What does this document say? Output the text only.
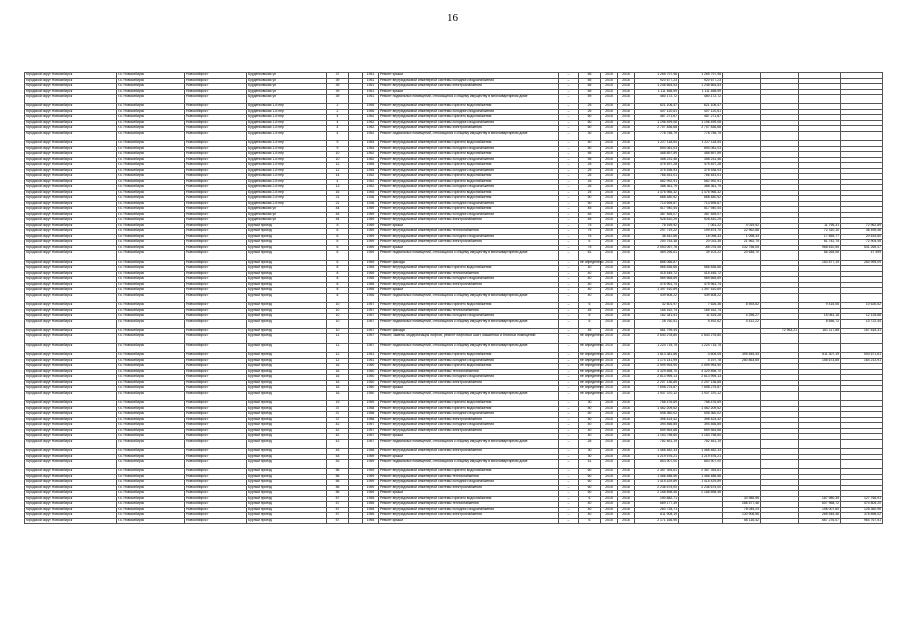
16
городской округ Новосибирск	г.о. Новосибирск	Новосибирск г	Бурденковская ул	37		1951	Ремонт крыши	–	65	2015	2016	1 265 797,98	1 265 797,98				
городской округ Новосибирск	г.о. Новосибирск	Новосибирск г	Бурденковская ул	39		1951	Ремонт внутридомовой инженерной системы холодного водоснабжения	–	65	2015	2016	920 677,23	920 677,23				
городской округ Новосибирск	г.о. Новосибирск	Новосибирск г	Бурденковская ул	39		1951	Ремонт внутридомовой инженерной системы электроснабжения	–	65	2015	2016	1 246 664,53	1 246 664,53				
городской округ Новосибирск	г.о. Новосибирск	Новосибирск г	Бурденковская ул	39		1951	Ремонт крыши	–	65	2015	2016	1 111 468,59	1 111 468,59				
городской округ Новосибирск	г.о. Новосибирск	Новосибирск г	Бурденковская ул	39		1951	Ремонт подвальных помещений, относящихся к общему имуществу в многоквартирном доме	–	59	2015	2016	460 172,72	460 172,72				
городской округ Новосибирск	г.о. Новосибирск	Новосибирск г	Бурденковская 1-й пер	2		1955	Ремонт внутридомовой инженерной системы горячего водоснабжения	–	25	2015	2016	621 106,47	621 106,47				
городской округ Новосибирск	г.о. Новосибирск	Новосибирск г	Бурденковская 1-й пер	2		1955	Ремонт внутридомовой инженерной системы холодного водоснабжения	–	25	2015	2016	407 120,61	407 120,61				
городской округ Новосибирск	г.о. Новосибирск	Новосибирск г	Бурденковская 1-й пер	4		1952	Ремонт внутридомовой инженерной системы горячего водоснабжения	–	60	2015	2016	487 271,67	487 271,67				
городской округ Новосибирск	г.о. Новосибирск	Новосибирск г	Бурденковская 1-й пер	4		1952	Ремонт внутридомовой инженерной системы холодного водоснабжения	–	60	2015	2016	1 196 499,08	1 196 499,08				
городской округ Новосибирск	г.о. Новосибирск	Новосибирск г	Бурденковская 1-й пер	4		1952	Ремонт внутридомовой инженерной системы электроснабжения	–	60	2015	2016	2 707 836,68	2 707 836,68				
городской округ Новосибирск	г.о. Новосибирск	Новосибирск г	Бурденковская 1-й пер	4		1952	Ремонт подвальных помещений, относящихся к общему имуществу в многоквартирном доме	–	30	2015	2016	778 756,79	778 756,79				
городской округ Новосибирск	г.о. Новосибирск	Новосибирск г	Бурденковская 1-й пер	9		1954	Ремонт внутридомовой инженерной системы горячего водоснабжения	–	50	2015	2016	1 227 118,54	1 227 118,54				
городской округ Новосибирск	г.о. Новосибирск	Новосибирск г	Бурденковская 1-й пер	9		1954	Ремонт внутридомовой инженерной системы холодного водоснабжения	–	50	2015	2016	694 081,03	694 081,03				
городской округ Новосибирск	г.о. Новосибирск	Новосибирск г	Бурденковская 1-й пер	10		1952	Ремонт внутридомовой инженерной системы горячего водоснабжения	–	55	2015	2016	468 897,59	468 897,59				
городской округ Новосибирск	г.о. Новосибирск	Новосибирск г	Бурденковская 1-й пер	10		1952	Ремонт внутридомовой инженерной системы холодного водоснабжения	–	55	2015	2016	358 231,46	358 231,46				
городской округ Новосибирск	г.о. Новосибирск	Новосибирск г	Бурденковская 1-й пер	12		1955	Ремонт внутридомовой инженерной системы горячего водоснабжения	–	25	2015	2016	475 497,28	475 497,28				
городской округ Новосибирск	г.о. Новосибирск	Новосибирск г	Бурденковская 1-й пер	12		1955	Ремонт внутридомовой инженерной системы холодного водоснабжения	–	25	2015	2016	375 538,93	375 538,93				
городской округ Новосибирск	г.о. Новосибирск	Новосибирск г	Бурденковская 1-й пер	14		1952	Ремонт внутридомовой инженерной системы горячего водоснабжения	–	25	2015	2016	766 451,01	766 451,01				
городской округ Новосибирск	г.о. Новосибирск	Новосибирск г	Бурденковская 2-й пер	4		1952	Ремонт внутридомовой инженерной системы горячего водоснабжения	–	25	2015	2016	582 992,91	582 992,91				
городской округ Новосибирск	г.о. Новосибирск	Новосибирск г	Бурденковская 2-й пер	13		1952	Ремонт внутридомовой инженерной системы холодного водоснабжения	–	25	2015	2016	388 361,79	388 361,79				
городской округ Новосибирск	г.о. Новосибирск	Новосибирск г	Бурденковская 2-й пер	16		1955	Ремонт внутридомовой инженерной системы горячего водоснабжения	–	25	2015	2016	1 476 966,32	1 476 966,32				
городской округ Новосибирск	г.о. Новосибирск	Новосибирск г	Бурденковская 2-й пер	21		1936	Ремонт внутридомовой инженерной системы горячего водоснабжения	–	50	2015	2016	668 480,52	668 480,52				
городской округ Новосибирск	г.о. Новосибирск	Новосибирск г	Бурденковская 2-й пер	21		1936	Ремонт внутридомовой инженерной системы холодного водоснабжения	–	50	2015	2016	714 695,87	714 695,87				
городской округ Новосибирск	г.о. Новосибирск	Новосибирск г	Бурденковская ул	44		1959	Ремонт внутридомовой инженерной системы горячего водоснабжения	–	45	2015	2016	517 940,44	517 940,44				
городской округ Новосибирск	г.о. Новосибирск	Новосибирск г	Бурденковская ул	44		1959	Ремонт внутридомовой инженерной системы холодного водоснабжения	–	45	2015	2016	387 465,07	387 465,07				
городской округ Новосибирск	г.о. Новосибирск	Новосибирск г	Бурденковская ул	44		1959	Ремонт внутридомовой инженерной системы электроснабжения	–	45	2015	2016	928 810,29	928 810,29				
городской округ Новосибирск	г.о. Новосибирск	Новосибирск г	Бурный проезд	5		1959	Ремонт крыши	–	75	2015	2016	78 169,92	7 061,22	4 019,52		11 795,31	72 962,89
городской округ Новосибирск	г.о. Новосибирск	Новосибирск г	Бурный проезд	6		1959	Ремонт внутридомовой инженерной системы теплоснабжения	–	75	2015	2016	297 719,22	199 874,70	22 962,88		72 310,10	36 495,46
городской округ Новосибирск	г.о. Новосибирск	Новосибирск г	Бурный проезд	6		1959	Ремонт внутридомовой инженерной системы холодного водоснабжения	–	75	2015	2016	38 442,66	16 098,33	1 098,33		17 655,77	20 615,80
городской округ Новосибирск	г.о. Новосибирск	Новосибирск г	Бурный проезд	6		1959	Ремонт внутридомовой инженерной системы электроснабжения	–	6	2015	2016	200 753,38	20 033,35	21 962,75		61 742,75	72 904,45
городской округ Новосибирск	г.о. Новосибирск	Новосибирск г	Бурный проезд	6		1959	Ремонт крыши	–	75	2015	2016	2 053 057,76	-65 076,08	232 756,05		968 610,55	531 265,47
городской округ Новосибирск	г.о. Новосибирск	Новосибирск г	Бурный проезд	6		1959	Ремонт подвальных помещений, относящихся к общему имуществу в многоквартирном доме	–	61	2015	2016	469 296,61	39 103,22	20 648,70		66 265,08	47 499
городской округ Новосибирск	г.о. Новосибирск	Новосибирск г	Бурный проезд	6		1959	Ремонт фасада	–	не определено	2015	2016	866 066,87				183 877,19	264 995,09
городской округ Новосибирск	г.о. Новосибирск	Новосибирск г	Бурный проезд	8		1955	Ремонт внутридомовой инженерной системы горячего водоснабжения	–	40	2015	2016	566 836,66	566 836,66				
городской округ Новосибирск	г.о. Новосибирск	Новосибирск г	Бурный проезд	8		1955	Ремонт внутридомовой инженерной системы теплоснабжения	–	40	2015	2016	415 445,72	415 445,72				
городской округ Новосибирск	г.о. Новосибирск	Новосибирск г	Бурный проезд	8		1955	Ремонт внутридомовой инженерной системы холодного водоснабжения	–	40	2015	2016	569 665,69	569 665,69				
городской округ Новосибирск	г.о. Новосибирск	Новосибирск г	Бурный проезд	8		1955	Ремонт внутридомовой инженерной системы электроснабжения	–	40	2015	2016	475 961,74	475 961,74				
городской округ Новосибирск	г.о. Новосибирск	Новосибирск г	Бурный проезд	8		1955	Ремонт крыши	–	40	2015	2016	1 397 510,69	1 397 510,69				
городской округ Новосибирск	г.о. Новосибирск	Новосибирск г	Бурный проезд	8		1955	Ремонт подвальных помещений, относящихся к общему имуществу в многоквартирном доме	–	40	2015	2016	439 608,22	439 608,22				
городской округ Новосибирск	г.о. Новосибирск	Новосибирск г	Бурный проезд	10		1957	Ремонт внутридомовой инженерной системы горячего водоснабжения	–	6	2015	2016	32 601,97	7 626,36	8 593,82		9 415,06	10 626,52
городской округ Новосибирск	г.о. Новосибирск	Новосибирск г	Бурный проезд	10		1957	Ремонт внутридомовой инженерной системы теплоснабжения	–	45	2015	2016	165 162,74	165 162,74				
городской округ Новосибирск	г.о. Новосибирск	Новосибирск г	Бурный проезд	10		1957	Ремонт внутридомовой инженерной системы холодного водоснабжения	–	6	2015	2016	162 341,51	11 615,28	4 256,27		15 081,18	12 125,68
городской округ Новосибирск	г.о. Новосибирск	Новосибирск г	Бурный проезд	10		1957	Ремонт подвальных помещений, относящихся к общему имуществу в многоквартирном доме	–	6	2015	2016	28 760,51	5 492,62	4 412,22		6 656,72	10 722,44
городской округ Новосибирск	г.о. Новосибирск	Новосибирск г	Бурный проезд	10		1957	Ремонт фасада	–	45	2015	2016	561 799,44			72 963,21	161 117,88	167 615,31
городской округ Новосибирск	г.о. Новосибирск	Новосибирск г	Бурный проезд	11		1957	Ремонт, замена, модернизация лифтов, ремонт лифтовых шахт, машинных и блочных помещений	–	не определено	2015	2016	2 640 278,80	2 640 278,80				
городской округ Новосибирск	г.о. Новосибирск	Новосибирск г	Бурный проезд	11		1957	Ремонт подвальных помещений, относящихся к общему имуществу в многоквартирном доме	–	не определено	2015	2016	1 224 715,75	1 224 715,75				
городской округ Новосибирск	г.о. Новосибирск	Новосибирск г	Бурный проезд	12		1951	Ремонт внутридомовой инженерной системы горячего водоснабжения	–	не определено	2015	2016	1 813 381,86	4 605,05	395 645,34		611 307,19	500 671,61
городской округ Новосибирск	г.о. Новосибирск	Новосибирск г	Бурный проезд	12		1951	Ремонт внутридомовой инженерной системы холодного водоснабжения	–	не определено	2015	2016	1 174 141,99	4 197,78	280 863,65		158 673,85	164 213,91
городской округ Новосибирск	г.о. Новосибирск	Новосибирск г	Бурный проезд	16		1950	Ремонт внутридомовой инженерной системы горячего водоснабжения	–	не определено	2015	2016	2 599 993,90	2 599 993,90				
городской округ Новосибирск	г.о. Новосибирск	Новосибирск г	Бурный проезд	16		1950	Ремонт внутридомовой инженерной системы теплоснабжения	–	не определено	2015	2016	4 329 898,70	4 329 898,70				
городской округ Новосибирск	г.о. Новосибирск	Новосибирск г	Бурный проезд	16		1950	Ремонт внутридомовой инженерной системы холодного водоснабжения	–	не определено	2015	2016	2 613 995,13	2 613 995,13				
городской округ Новосибирск	г.о. Новосибирск	Новосибирск г	Бурный проезд	16		1950	Ремонт внутридомовой инженерной системы электроснабжения	–	не определено	2015	2016	2 207 136,85	2 207 136,85				
городской округ Новосибирск	г.о. Новосибирск	Новосибирск г	Бурный проезд	16		1950	Ремонт крыши	–	не определено	2015	2016	7 698 275,87	7 698 275,87				
городской округ Новосибирск	г.о. Новосибирск	Новосибирск г	Бурный проезд	16		1950	Ремонт подвальных помещений, относящихся к общему имуществу в многоквартирном доме	–	не определено	2015	2016	1 937 370,12	1 937 370,12				
городской округ Новосибирск	г.о. Новосибирск	Новосибирск г	Бурный проезд	19		1959	Ремонт внутридомовой инженерной системы горячего водоснабжения	–	30	2015	2016	768 476,69	768 476,69				
городской округ Новосибирск	г.о. Новосибирск	Новосибирск г	Бурный проезд	37		1958	Ремонт внутридомовой инженерной системы горячего водоснабжения	–	50	2015	2016	1 462 209,52	1 462 209,52				
городской округ Новосибирск	г.о. Новосибирск	Новосибирск г	Бурный проезд	37		1958	Ремонт внутридомовой инженерной системы холодного водоснабжения	–	50	2015	2016	508 360,02	508 360,02				
городской округ Новосибирск	г.о. Новосибирск	Новосибирск г	Бурный проезд	37		1958	Ремонт внутридомовой инженерной системы электроснабжения	–	50	2015	2016	396 424,42	396 424,42				
городской округ Новосибирск	г.о. Новосибирск	Новосибирск г	Бурный проезд	42		1957	Ремонт внутридомовой инженерной системы холодного водоснабжения	–	40	2015	2016	394 466,85	394 466,85				
городской округ Новосибирск	г.о. Новосибирск	Новосибирск г	Бурный проезд	42		1957	Ремонт внутридомовой инженерной системы электроснабжения	–	40	2015	2016	659 564,68	659 564,68				
городской округ Новосибирск	г.о. Новосибирск	Новосибирск г	Бурный проезд	42		1957	Ремонт крыши	–	40	2015	2016	1 153 758,60	1 153 758,60				
городской округ Новосибирск	г.о. Новосибирск	Новосибирск г	Бурный проезд	42		1957	Ремонт подвальных помещений, относящихся к общему имуществу в многоквартирном доме	–	28	2015	2016	782 461,19	782 461,19				
городской округ Новосибирск	г.о. Новосибирск	Новосибирск г	Бурный проезд	43		1958	Ремонт внутридомовой инженерной системы электроснабжения	–	30	2015	2016	1 466 482,33	1 466 482,33				
городской округ Новосибирск	г.о. Новосибирск	Новосибирск г	Бурный проезд	53		1959	Ремонт крыши	–	30	2015	2016	1 219 576,21	1 219 576,21				
городской округ Новосибирск	г.о. Новосибирск	Новосибирск г	Бурный проезд	53		1959	Ремонт подвальных помещений, относящихся к общему имуществу в многоквартирном доме	–	41	2015	2016	853 907,00	853 907,00				
городской округ Новосибирск	г.о. Новосибирск	Новосибирск г	Бурный проезд	56		1959	Ремонт внутридомовой инженерной системы горячего водоснабжения	–	60	2015	2016	2 357 394,61	2 357 394,61				
городской округ Новосибирск	г.о. Новосибирск	Новосибирск г	Бурный проезд	56		1959	Ремонт внутридомовой инженерной системы теплоснабжения	–	60	2015	2016	1 466 486,56	1 466 486,56				
городской округ Новосибирск	г.о. Новосибирск	Новосибирск г	Бурный проезд	56		1959	Ремонт внутридомовой инженерной системы холодного водоснабжения	–	60	2015	2016	1 415 429,89	1 415 429,89				
городской округ Новосибирск	г.о. Новосибирск	Новосибирск г	Бурный проезд	56		1959	Ремонт внутридомовой инженерной системы электроснабжения	–	60	2015	2016	2 236 675,00	2 236 675,00				
городской округ Новосибирск	г.о. Новосибирск	Новосибирск г	Бурный проезд	56		1959	Ремонт крыши	–	60	2015	2016	2 168 898,46	2 168 898,46				
городской округ Новосибирск	г.о. Новосибирск	Новосибирск г	Бурный проезд	57		1955	Ремонт внутридомовой инженерной системы горячего водоснабжения	–	6	2015	2016	190 682,71		34 985,96		167 980,39	127 766,91
городской округ Новосибирск	г.о. Новосибирск	Новосибирск г	Бурный проезд	57		1955	Ремонт внутридомовой инженерной системы теплоснабжения	–	40	2015	2016	669 177,39		288 577,46		607 968,72	474 805,20
городской округ Новосибирск	г.о. Новосибирск	Новосибирск г	Бурный проезд	57		1955	Ремонт внутридомовой инженерной системы холодного водоснабжения	–	40	2015	2016	260 728,71		78 045,24		196 007,60	125 360,96
городской округ Новосибирск	г.о. Новосибирск	Новосибирск г	Бурный проезд	57		1955	Ремонт внутридомовой инженерной системы электроснабжения	–	40	2015	2016	811 908,19		130 906,56		285 545,46	376 898,02
городской округ Новосибирск	г.о. Новосибирск	Новосибирск г	Бурный проезд	57		1955	Ремонт крыши	–	6	2015	2016	2 171 166,95		66 116,42		667 276,07	964 767,51
